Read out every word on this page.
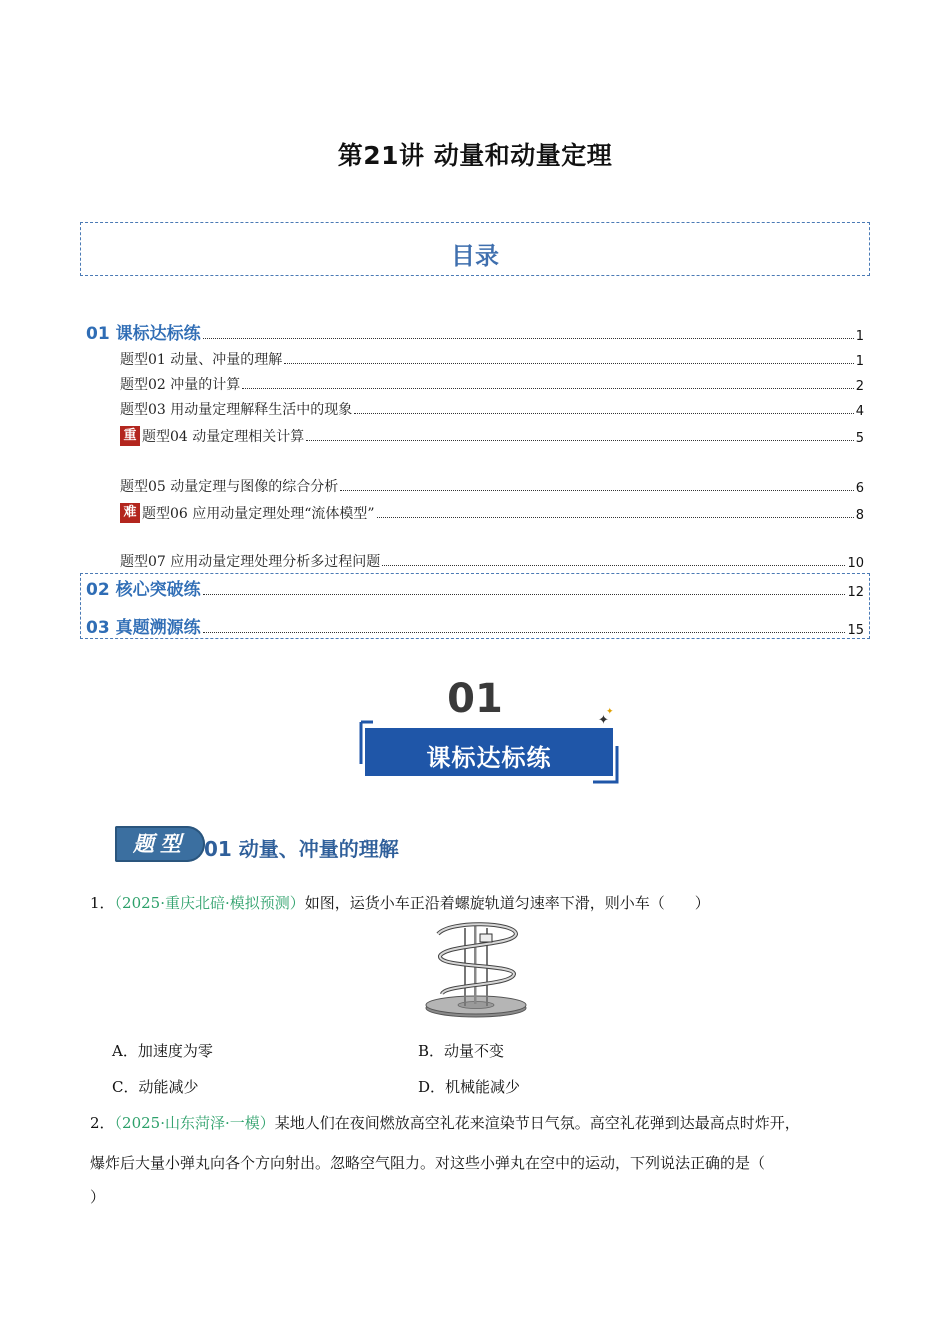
第21讲 动量和动量定理
目录
01 课标达标练	1
题型01 动量、冲量的理解	1
题型02 冲量的计算	2
题型03 用动量定理解释生活中的现象	4
重 题型04 动量定理相关计算	5
题型05 动量定理与图像的综合分析	6
难 题型06 应用动量定理处理“流体模型”	8
题型07 应用动量定理处理分析多过程问题	10
02 核心突破练	12
03 真题溯源练	15
01	✦
✦
课标达标练
题型 01 动量、冲量的理解
1．（2025·重庆北碚·模拟预测）如图，运货小车正沿着螺旋轨道匀速率下滑，则小车（　　）
A．加速度为零	B．动量不变
C．动能减少	D．机械能减少
2．（2025·山东菏泽·一模）某地人们在夜间燃放高空礼花来渲染节日气氛。高空礼花弹到达最高点时炸开，
爆炸后大量小弹丸向各个方向射出。忽略空气阻力。对这些小弹丸在空中的运动，下列说法正确的是（
）
